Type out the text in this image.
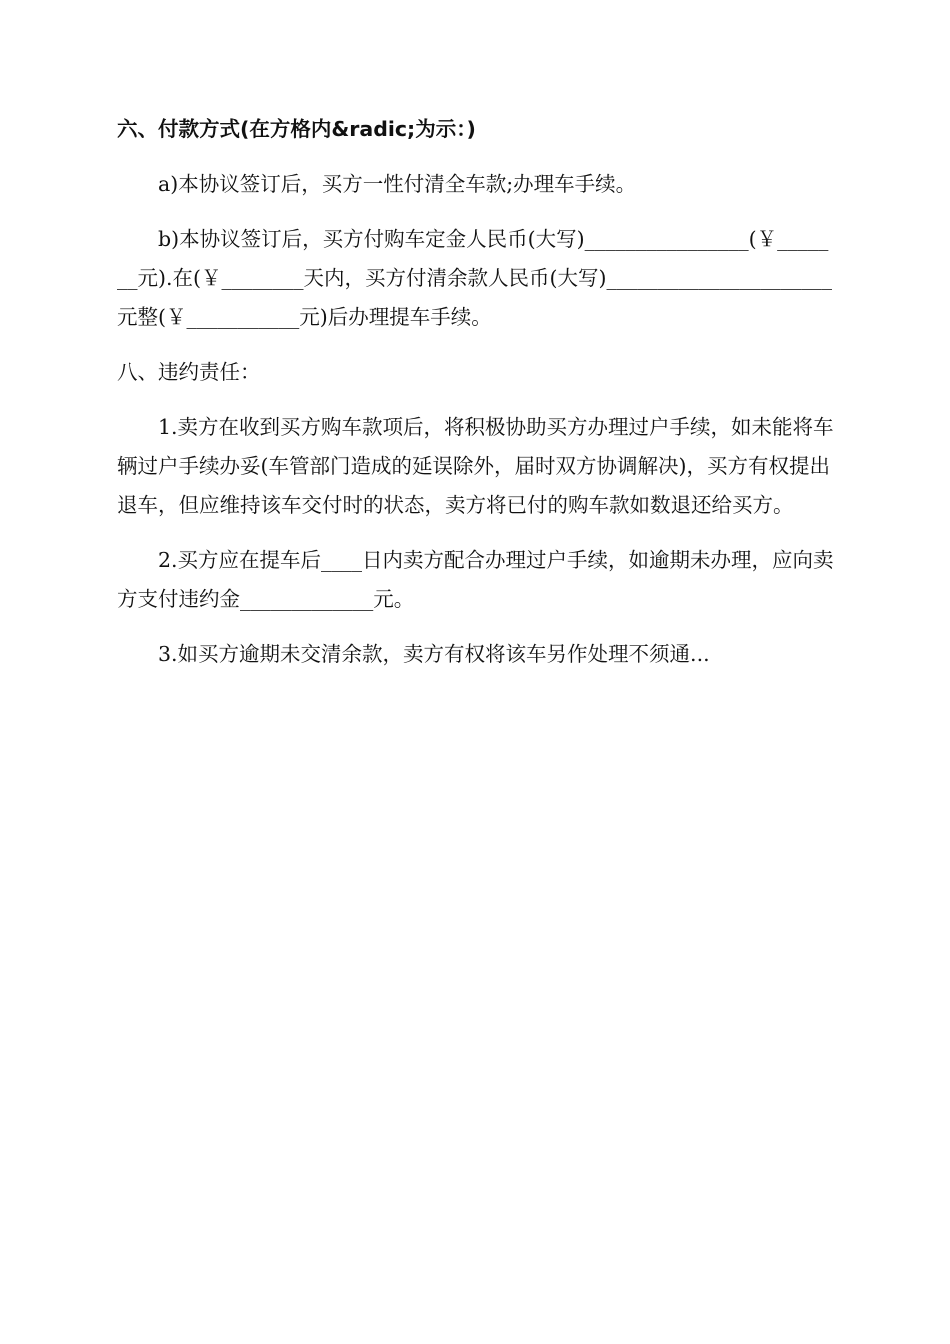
六、付款方式(在方格内&radic;为示：)

a)本协议签订后，买方一性付清全车款;办理车手续。

b)本协议签订后，买方付购车定金人民币(大写)________________(￥_______元).在(￥________天内，买方付清余款人民币(大写)______________________元整(￥___________元)后办理提车手续。

八、违约责任：

1.卖方在收到买方购车款项后，将积极协助买方办理过户手续，如未能将车辆过户手续办妥(车管部门造成的延误除外，届时双方协调解决)，买方有权提出退车，但应维持该车交付时的状态，卖方将已付的购车款如数退还给买方。

2.买方应在提车后____日内卖方配合办理过户手续，如逾期未办理，应向卖方支付违约金_____________元。

3.如买方逾期未交清余款，卖方有权将该车另作处理不须通...
